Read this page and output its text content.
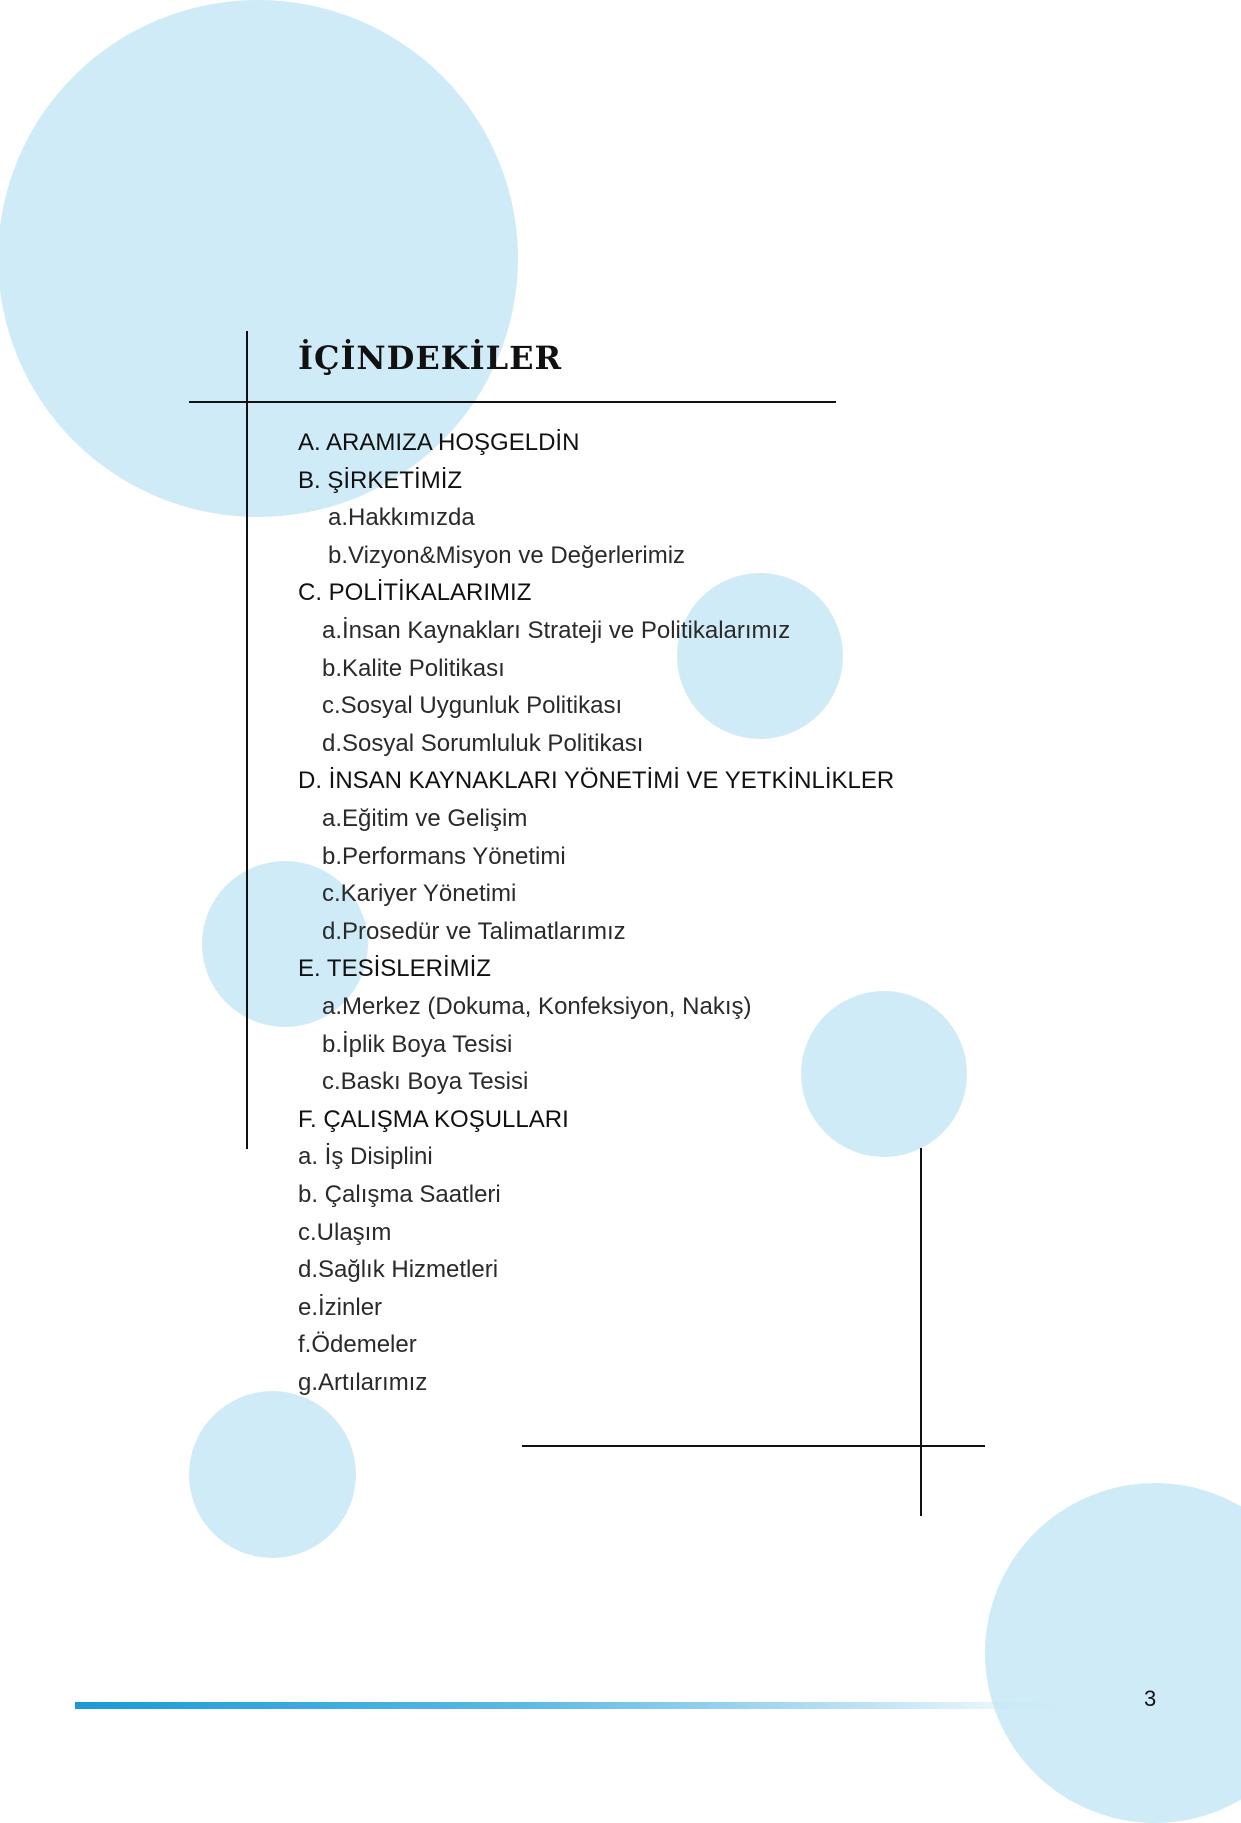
İÇİNDEKİLER
A. ARAMIZA HOŞGELDİN
B. ŞİRKETİMİZ
a.Hakkımızda
b.Vizyon&Misyon ve Değerlerimiz
C. POLİTİKALARIMIZ
a.İnsan Kaynakları Strateji ve Politikalarımız
b.Kalite Politikası
c.Sosyal Uygunluk Politikası
d.Sosyal Sorumluluk Politikası
D. İNSAN KAYNAKLARI YÖNETİMİ VE YETKİNLİKLER
a.Eğitim ve Gelişim
b.Performans Yönetimi
c.Kariyer Yönetimi
d.Prosedür ve Talimatlarımız
E. TESİSLERİMİZ
a.Merkez (Dokuma, Konfeksiyon, Nakış)
b.İplik Boya Tesisi
c.Baskı Boya Tesisi
F. ÇALIŞMA KOŞULLARI
a. İş Disiplini
b. Çalışma Saatleri
c.Ulaşım
d.Sağlık Hizmetleri
e.İzinler
f.Ödemeler
g.Artılarımız
3
